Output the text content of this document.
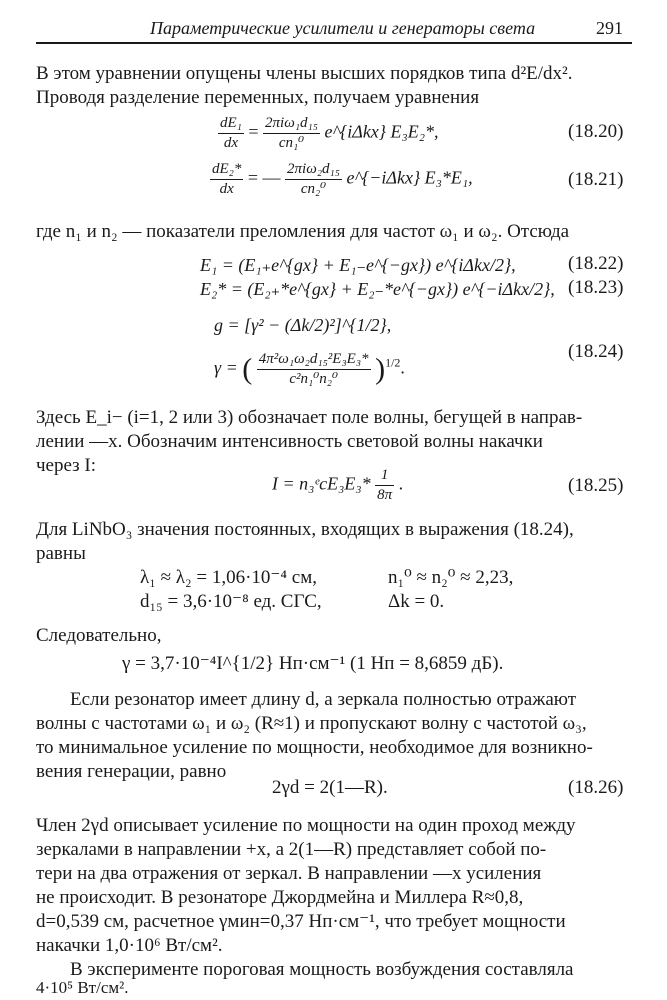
Параметрические усилители и генераторы света	291
В этом уравнении опущены члены высших порядков типа d²E/dx².
Проводя разделение переменных, получаем уравнения
$\frac{\text{dE₁}}{dx} = \frac{\text{2πiω₁d₁₅}}{\text{cn₁⁰}}$ e^{iΔkx} E₃E₂*,	(18.20)
$\frac{\text{dE₂*}}{dx}$ = — $\frac{\text{2πiω₂d₁₅}}{\text{cn₂⁰}}$ e^{−iΔkx} E₃*E₁,	(18.21)
где n₁ и n₂ — показатели преломления для частот ω₁ и ω₂. Отсюда
E₁ = (E₁₊e^{gx} + E₁₋e^{−gx}) e^{iΔkx/2},	(18.22)
E₂* = (E₂₊*e^{gx} + E₂₋*e^{−gx}) e^{−iΔkx/2}, (18.23)
g = [γ² − (Δk/2)²]^{1/2},
γ = ( $\frac{\text{4π²ω₁ω₂d₁₅²E₃E₃*}}{\text{c²n₁⁰n₂⁰}} )^{1/2}$.
(18.24)
Здесь E_i− (i=1, 2 или 3) обозначает поле волны, бегущей в направ-
лении —x. Обозначим интенсивность световой волны накачки
через I:
I = n₃ᵉcE₃E₃* $\frac{1}{8\pi}$ .	(18.25)
Для LiNbO₃ значения постоянных, входящих в выражения (18.24),
равны
λ₁ ≈ λ₂ = 1,06·10⁻⁴ см,	n₁⁰ ≈ n₂⁰ ≈ 2,23,
d₁₅ = 3,6·10⁻⁸ ед. СГС,	Δk = 0.
Следовательно,
γ = 3,7·10⁻⁴I^{1/2} Нп·см⁻¹ (1 Нп = 8,6859 дБ).
Если резонатор имеет длину d, а зеркала полностью отражают
волны с частотами ω₁ и ω₂ (R≈1) и пропускают волну с частотой ω₃,
то минимальное усиление по мощности, необходимое для возникно-
вения генерации, равно
2γd = 2(1—R).	(18.26)
Член 2γd описывает усиление по мощности на один проход между
зеркалами в направлении +x, а 2(1—R) представляет собой по-
тери на два отражения от зеркал. В направлении —x усиления
не происходит. В резонаторе Джордмейна и Миллера R≈0,8,
d=0,539 см, расчетное γмин=0,37 Нп·см⁻¹, что требует мощности
накачки 1,0·10⁶ Вт/см².
В эксперименте пороговая мощность возбуждения составляла
4·10⁵ Вт/см².
